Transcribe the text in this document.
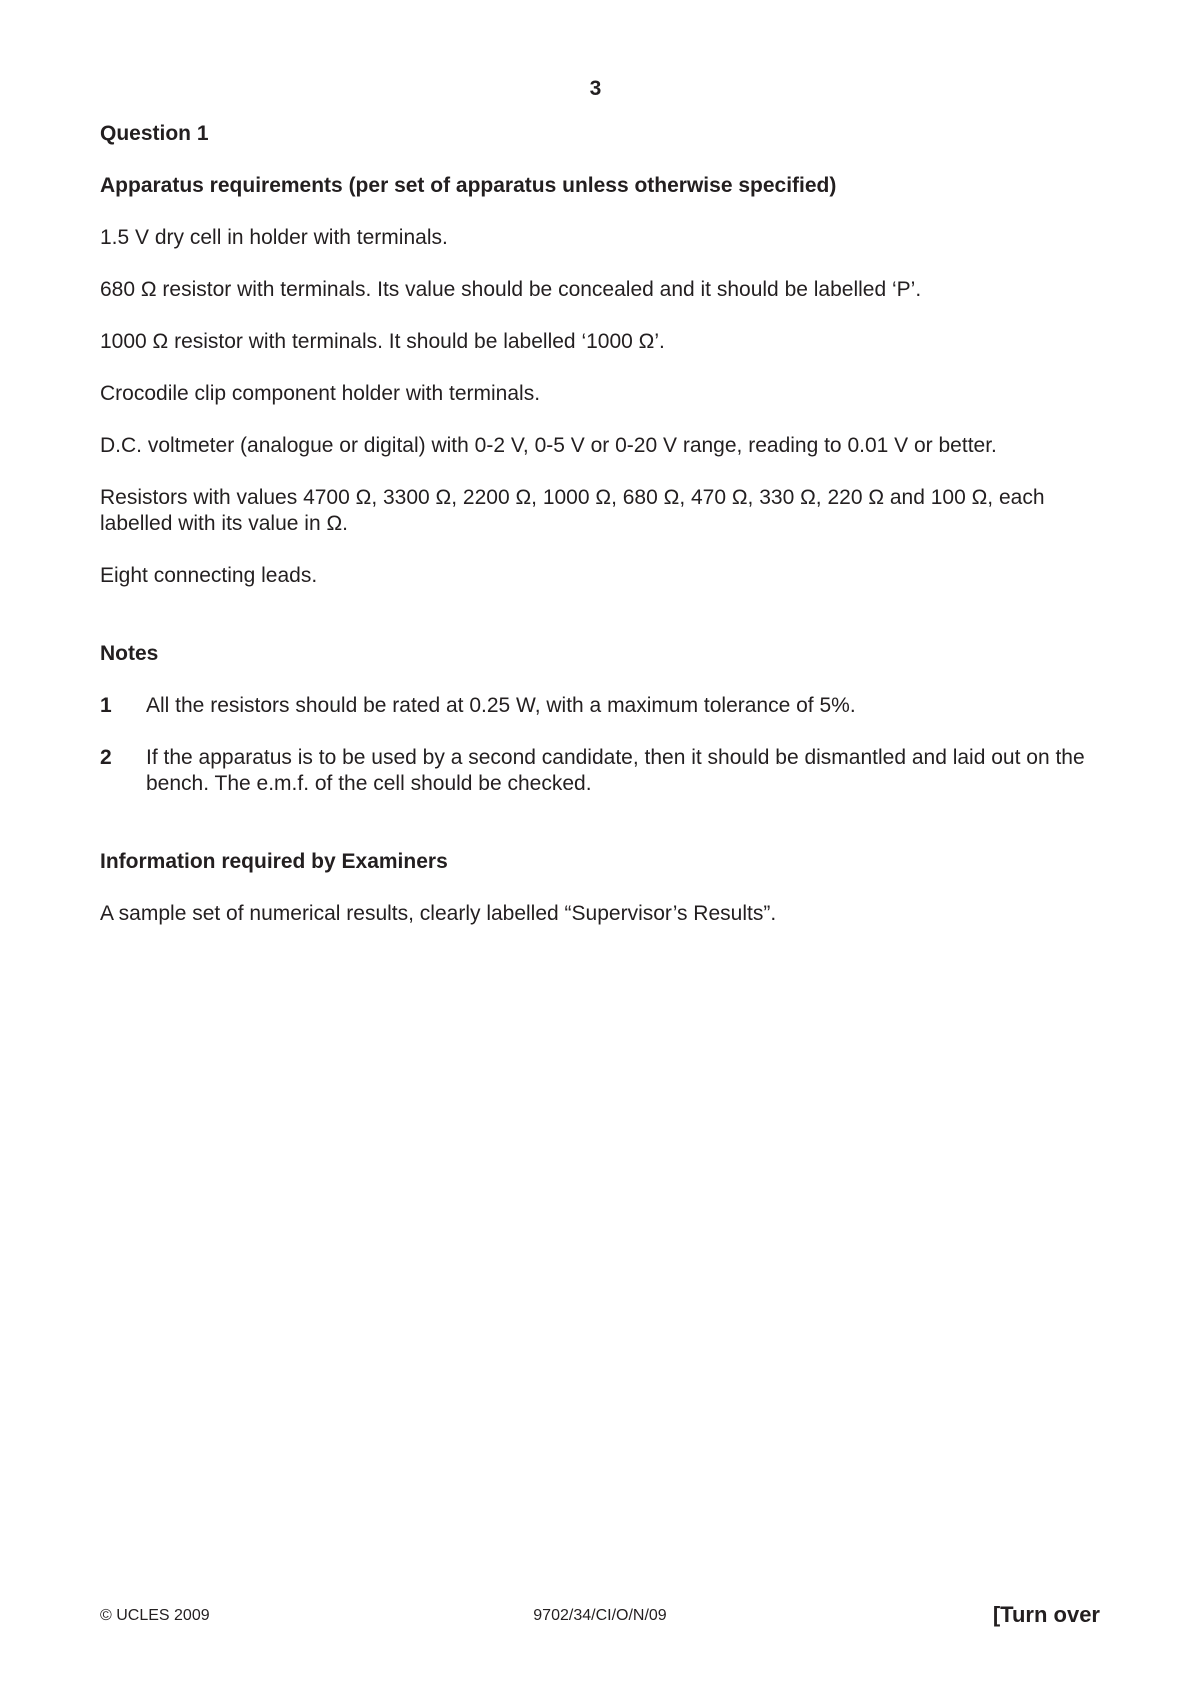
3

Question 1

Apparatus requirements (per set of apparatus unless otherwise specified)

1.5 V dry cell in holder with terminals.

680 Ω resistor with terminals. Its value should be concealed and it should be labelled ‘P’.

1000 Ω resistor with terminals. It should be labelled ‘1000 Ω’.

Crocodile clip component holder with terminals.

D.C. voltmeter (analogue or digital) with 0-2 V, 0-5 V or 0-20 V range, reading to 0.01 V or better.

Resistors with values 4700 Ω, 3300 Ω, 2200 Ω, 1000 Ω, 680 Ω, 470 Ω, 330 Ω, 220 Ω and 100 Ω, each labelled with its value in Ω.

Eight connecting leads.

Notes

1	All the resistors should be rated at 0.25 W, with a maximum tolerance of 5%.
2	If the apparatus is to be used by a second candidate, then it should be dismantled and laid out on the bench. The e.m.f. of the cell should be checked.

Information required by Examiners

A sample set of numerical results, clearly labelled “Supervisor’s Results”.

© UCLES 2009	9702/34/CI/O/N/09	[Turn over
